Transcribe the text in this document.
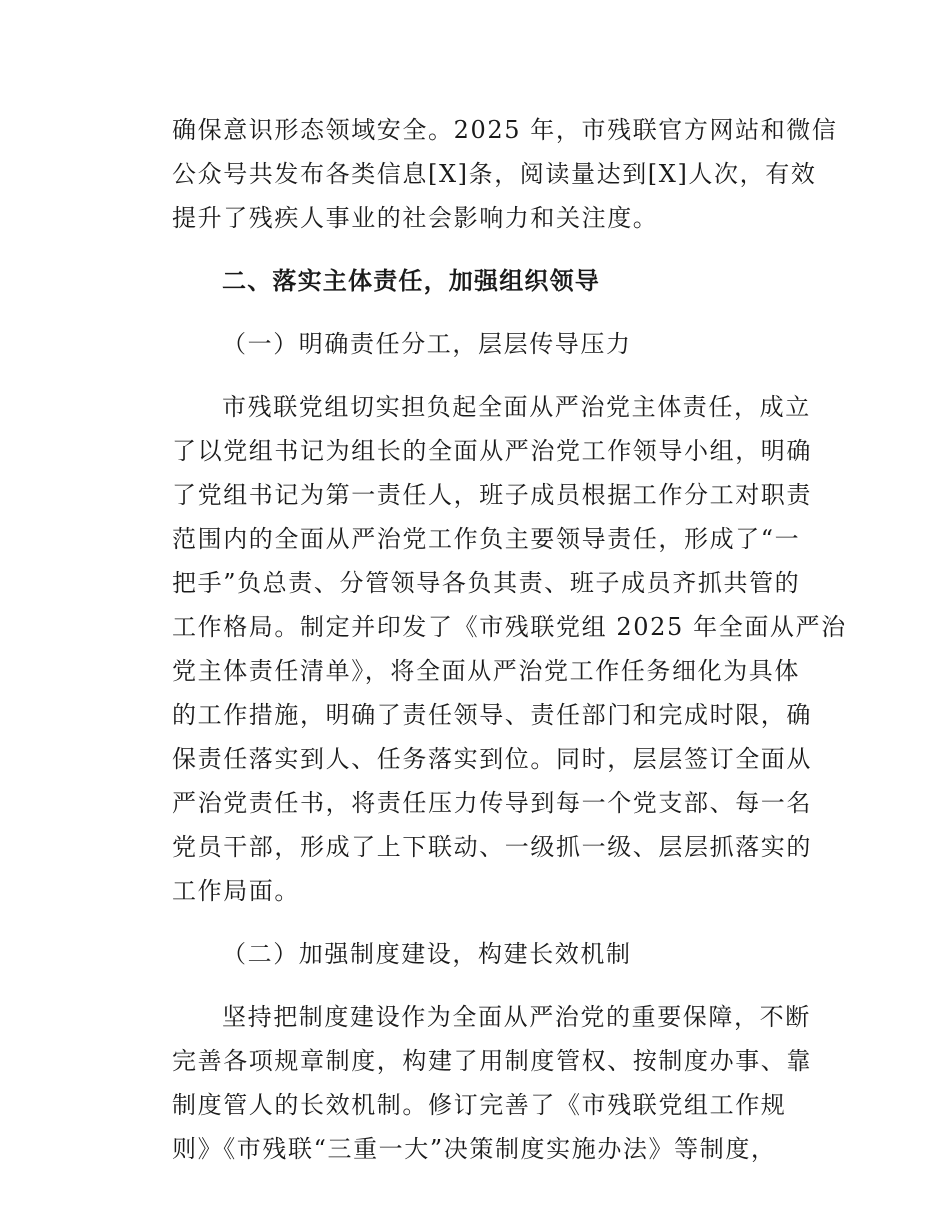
确保意识形态领域安全。2025 年，市残联官方网站和微信
公众号共发布各类信息[X]条，阅读量达到[X]人次，有效
提升了残疾人事业的社会影响力和关注度。
二、落实主体责任，加强组织领导
（一）明确责任分工，层层传导压力
市残联党组切实担负起全面从严治党主体责任，成立
了以党组书记为组长的全面从严治党工作领导小组，明确
了党组书记为第一责任人，班子成员根据工作分工对职责
范围内的全面从严治党工作负主要领导责任，形成了“一
把手”负总责、分管领导各负其责、班子成员齐抓共管的
工作格局。制定并印发了《市残联党组 2025 年全面从严治
党主体责任清单》，将全面从严治党工作任务细化为具体
的工作措施，明确了责任领导、责任部门和完成时限，确
保责任落实到人、任务落实到位。同时，层层签订全面从
严治党责任书，将责任压力传导到每一个党支部、每一名
党员干部，形成了上下联动、一级抓一级、层层抓落实的
工作局面。
（二）加强制度建设，构建长效机制
坚持把制度建设作为全面从严治党的重要保障，不断
完善各项规章制度，构建了用制度管权、按制度办事、靠
制度管人的长效机制。修订完善了《市残联党组工作规
则》《市残联“三重一大”决策制度实施办法》等制度，
